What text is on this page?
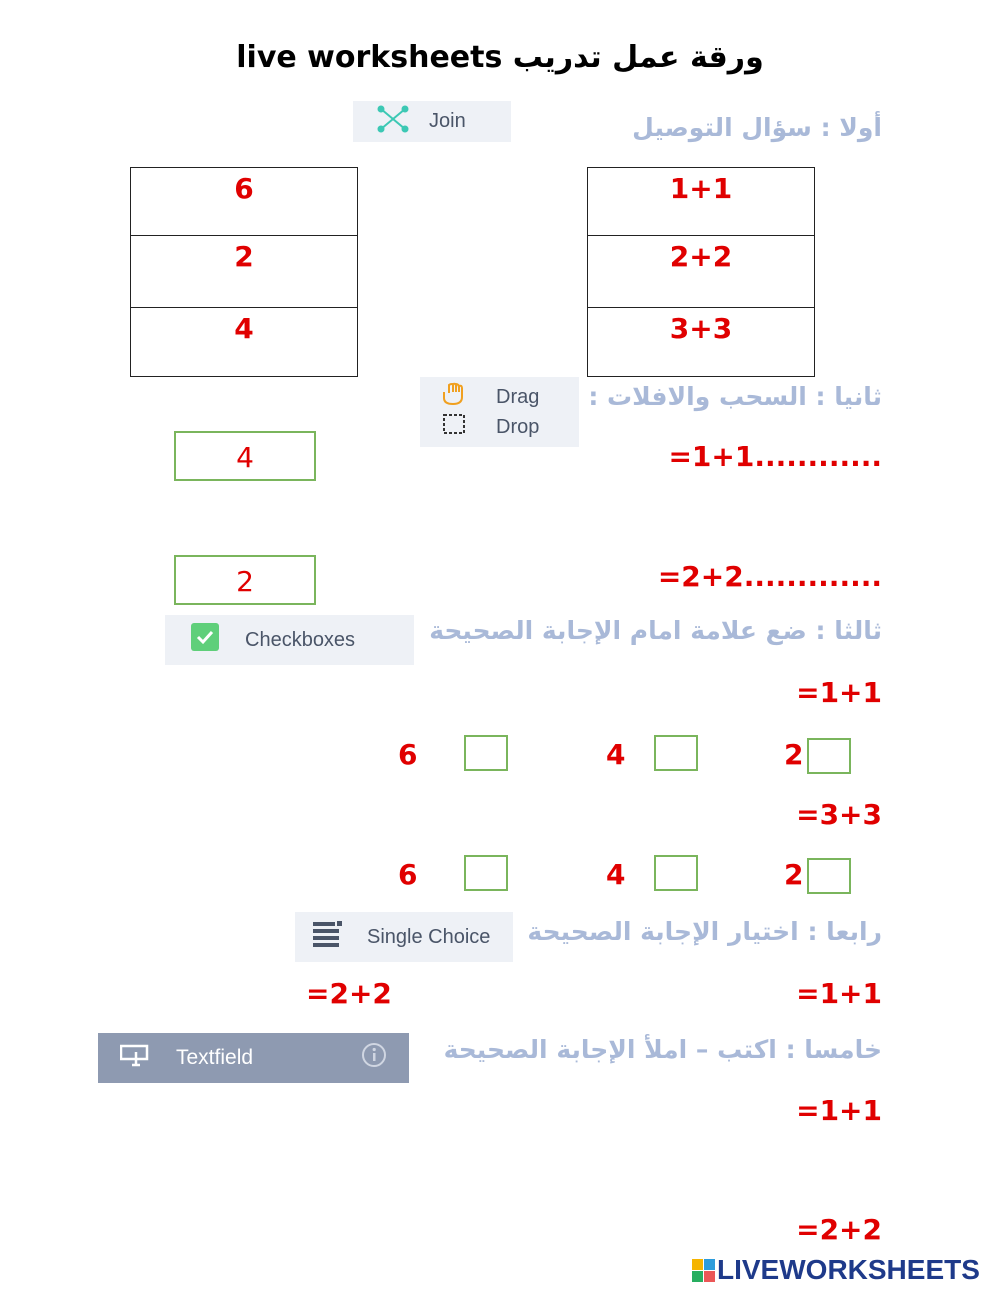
ورقة عمل تدريب live worksheets
أولا : سؤال التوصيل
Join
6
2
4
1+1
2+2
3+3
ثانيا : السحب والافلات :
Drag
Drop
=1+1............
4
=2+2.............
2
ثالثا : ضع علامة امام الإجابة الصحيحة
Checkboxes
=1+1
6	4	2
=3+3
6	4	2
رابعا : اختيار الإجابة الصحيحة
Single Choice
=1+1
=2+2
خامسا : اكتب – املأ الإجابة الصحيحة
Textfield
=1+1
=2+2
LIVEWORKSHEETS
